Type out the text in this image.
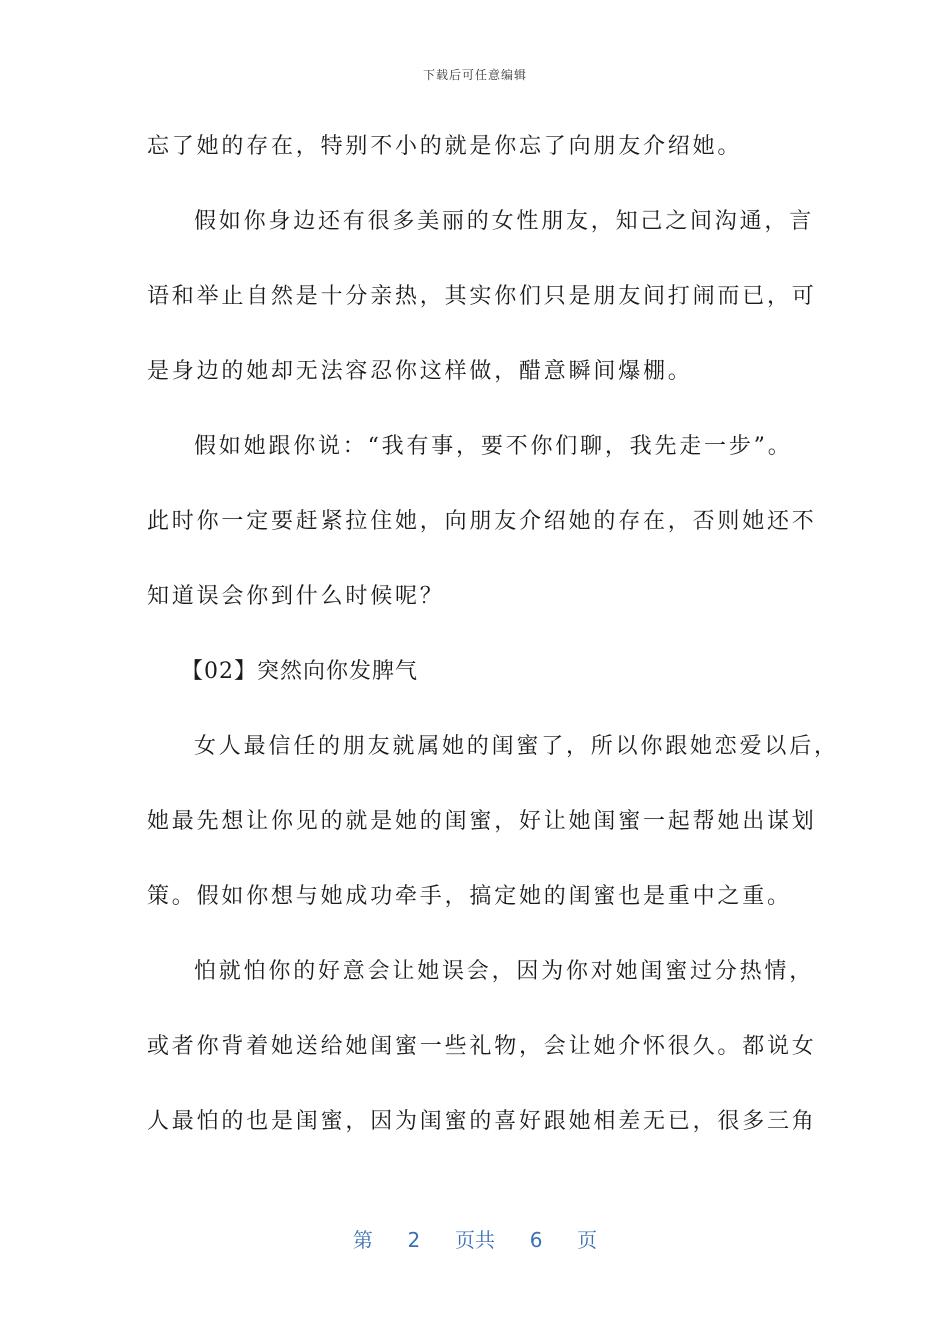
下载后可任意编辑
忘了她的存在，特别不小的就是你忘了向朋友介绍她。
假如你身边还有很多美丽的女性朋友，知己之间沟通，言
语和举止自然是十分亲热，其实你们只是朋友间打闹而已，可
是身边的她却无法容忍你这样做，醋意瞬间爆棚。
假如她跟你说：“我有事，要不你们聊，我先走一步”。
此时你一定要赶紧拉住她，向朋友介绍她的存在，否则她还不
知道误会你到什么时候呢？
【02】突然向你发脾气
女人最信任的朋友就属她的闺蜜了，所以你跟她恋爱以后，
她最先想让你见的就是她的闺蜜，好让她闺蜜一起帮她出谋划
策。假如你想与她成功牵手，搞定她的闺蜜也是重中之重。
怕就怕你的好意会让她误会，因为你对她闺蜜过分热情，
或者你背着她送给她闺蜜一些礼物，会让她介怀很久。都说女
人最怕的也是闺蜜，因为闺蜜的喜好跟她相差无已，很多三角
第 2 页共 6 页
